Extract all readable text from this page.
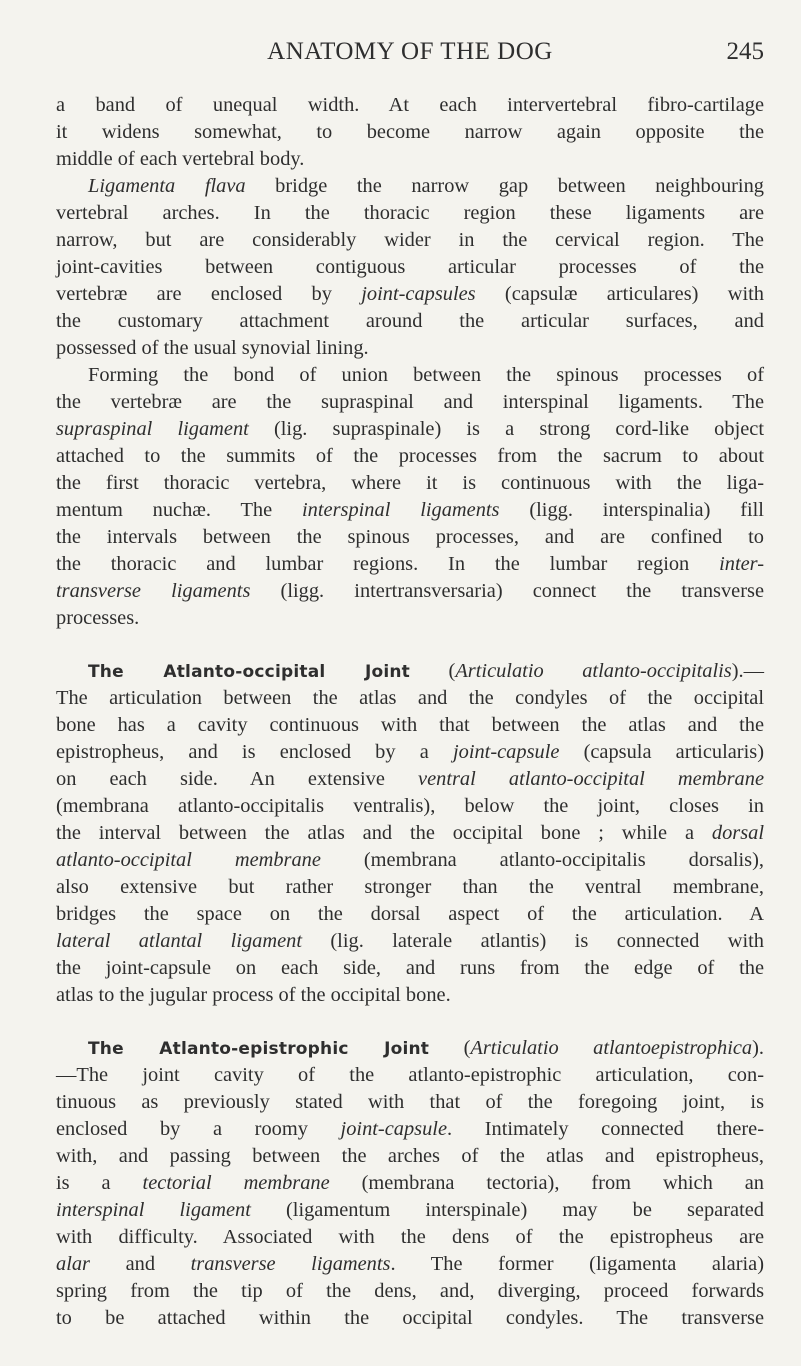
ANATOMY OF THE DOG	245
a band of unequal width. At each intervertebral fibro-cartilage
it widens somewhat, to become narrow again opposite the
middle of each vertebral body.
Ligamenta flava bridge the narrow gap between neighbouring
vertebral arches. In the thoracic region these ligaments are
narrow, but are considerably wider in the cervical region. The
joint-cavities between contiguous articular processes of the
vertebræ are enclosed by joint-capsules (capsulæ articulares) with
the customary attachment around the articular surfaces, and
possessed of the usual synovial lining.
Forming the bond of union between the spinous processes of
the vertebræ are the supraspinal and interspinal ligaments. The
supraspinal ligament (lig. supraspinale) is a strong cord-like object
attached to the summits of the processes from the sacrum to about
the first thoracic vertebra, where it is continuous with the liga-
mentum nuchæ. The interspinal ligaments (ligg. interspinalia) fill
the intervals between the spinous processes, and are confined to
the thoracic and lumbar regions. In the lumbar region inter-
transverse ligaments (ligg. intertransversaria) connect the transverse
processes.
The Atlanto-occipital Joint (Articulatio atlanto-occipitalis).—
The articulation between the atlas and the condyles of the occipital
bone has a cavity continuous with that between the atlas and the
epistropheus, and is enclosed by a joint-capsule (capsula articularis)
on each side. An extensive ventral atlanto-occipital membrane
(membrana atlanto-occipitalis ventralis), below the joint, closes in
the interval between the atlas and the occipital bone ; while a dorsal
atlanto-occipital membrane (membrana atlanto-occipitalis dorsalis),
also extensive but rather stronger than the ventral membrane,
bridges the space on the dorsal aspect of the articulation. A
lateral atlantal ligament (lig. laterale atlantis) is connected with
the joint-capsule on each side, and runs from the edge of the
atlas to the jugular process of the occipital bone.
The Atlanto-epistrophic Joint (Articulatio atlantoepistrophica).
—The joint cavity of the atlanto-epistrophic articulation, con-
tinuous as previously stated with that of the foregoing joint, is
enclosed by a roomy joint-capsule. Intimately connected there-
with, and passing between the arches of the atlas and epistropheus,
is a tectorial membrane (membrana tectoria), from which an
interspinal ligament (ligamentum interspinale) may be separated
with difficulty. Associated with the dens of the epistropheus are
alar and transverse ligaments. The former (ligamenta alaria)
spring from the tip of the dens, and, diverging, proceed forwards
to be attached within the occipital condyles. The transverse
